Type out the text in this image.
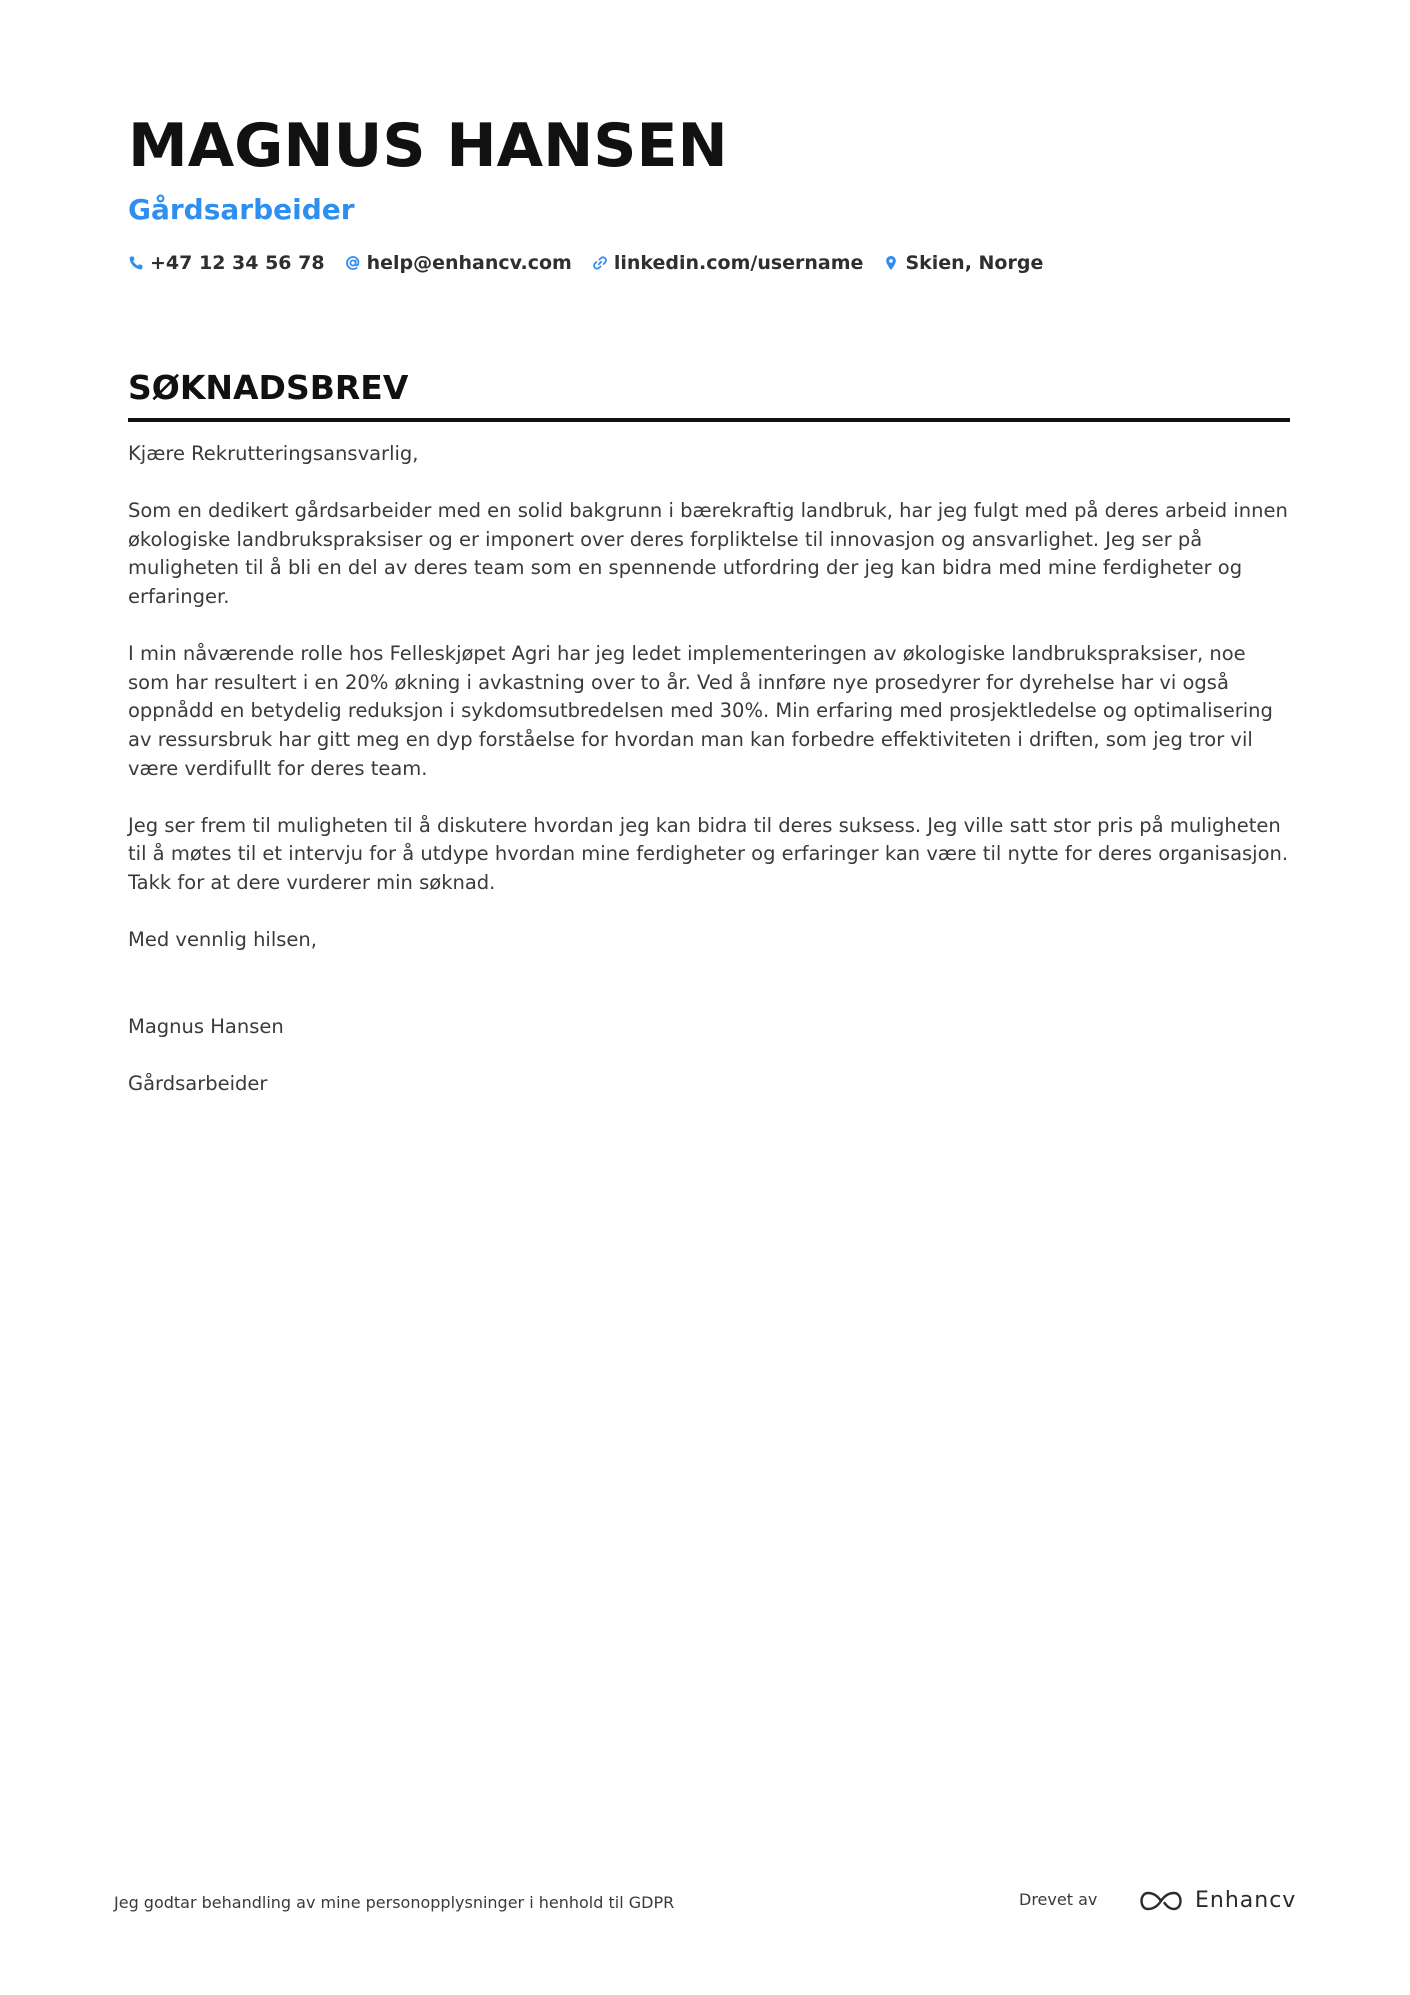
MAGNUS HANSEN
Gårdsarbeider
+47 12 34 56 78 help@enhancv.com linkedin.com/username Skien, Norge
SØKNADSBREV

Kjære Rekrutteringsansvarlig,

Som en dedikert gårdsarbeider med en solid bakgrunn i bærekraftig landbruk, har jeg fulgt med på deres arbeid innen økologiske landbrukspraksiser og er imponert over deres forpliktelse til innovasjon og ansvarlighet. Jeg ser på muligheten til å bli en del av deres team som en spennende utfordring der jeg kan bidra med mine ferdigheter og erfaringer.

I min nåværende rolle hos Felleskjøpet Agri har jeg ledet implementeringen av økologiske landbrukspraksiser, noe som har resultert i en 20% økning i avkastning over to år. Ved å innføre nye prosedyrer for dyrehelse har vi også oppnådd en betydelig reduksjon i sykdomsutbredelsen med 30%. Min erfaring med prosjektledelse og optimalisering av ressursbruk har gitt meg en dyp forståelse for hvordan man kan forbedre effektiviteten i driften, som jeg tror vil være verdifullt for deres team.

Jeg ser frem til muligheten til å diskutere hvordan jeg kan bidra til deres suksess. Jeg ville satt stor pris på muligheten til å møtes til et intervju for å utdype hvordan mine ferdigheter og erfaringer kan være til nytte for deres organisasjon. Takk for at dere vurderer min søknad.

Med vennlig hilsen,

Magnus Hansen

Gårdsarbeider

Jeg godtar behandling av mine personopplysninger i henhold til GDPR	Drevet av	Enhancv
